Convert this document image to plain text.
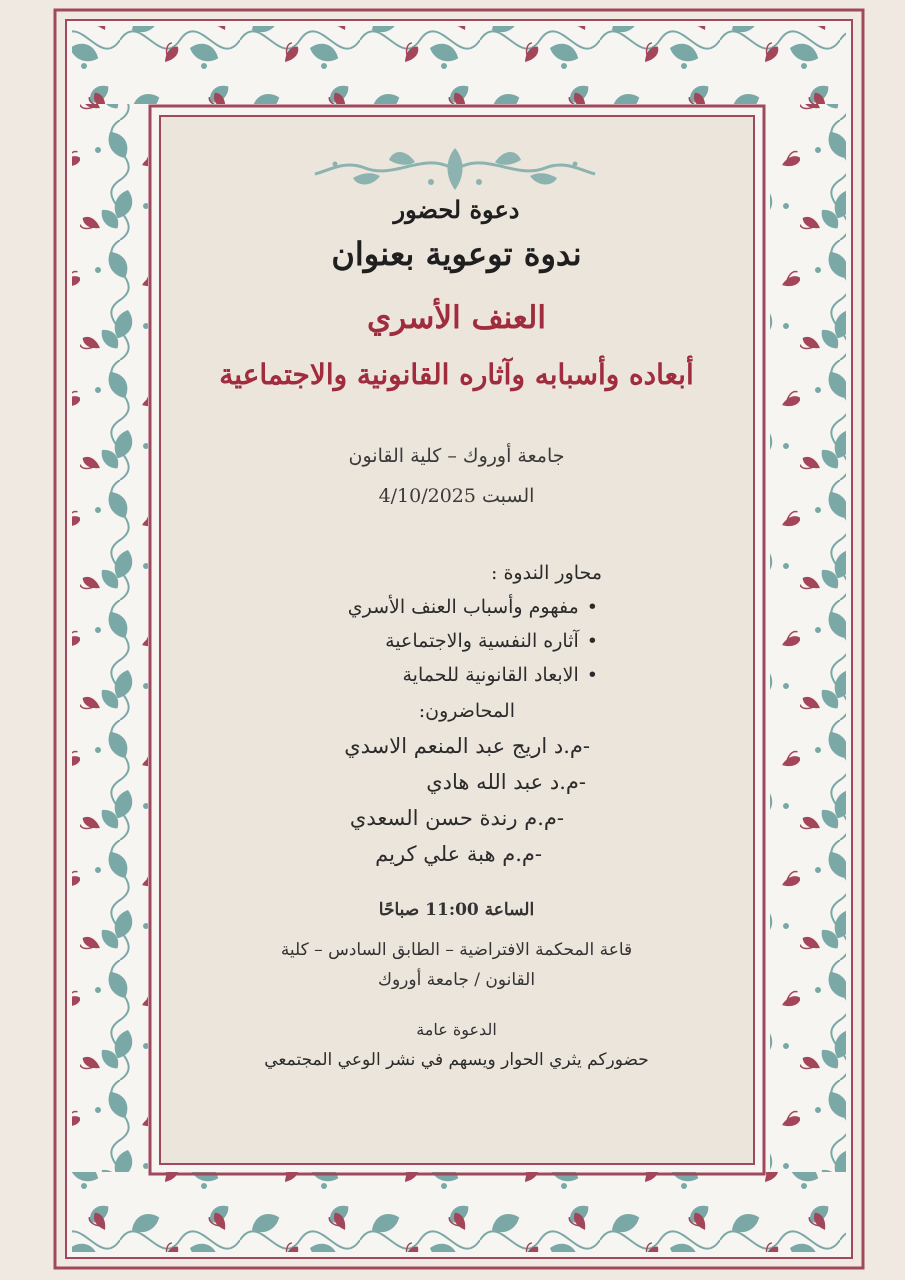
دعوة لحضور
ندوة توعوية بعنوان
العنف الأسري
أبعاده وأسبابه وآثاره القانونية والاجتماعية
جامعة أوروك – كلية القانون
السبت 4/10/2025
محاور الندوة :
• مفهوم وأسباب العنف الأسري
• آثاره النفسية والاجتماعية
• الابعاد القانونية للحماية
المحاضرون:
-م.د اريج عبد المنعم الاسدي
-م.د عبد الله هادي
-م.م رندة حسن السعدي
-م.م هبة علي كريم
الساعة 11:00 صباحًا
قاعة المحكمة الافتراضية – الطابق السادس – كلية
القانون / جامعة أوروك
الدعوة عامة
حضوركم يثري الحوار ويسهم في نشر الوعي المجتمعي
